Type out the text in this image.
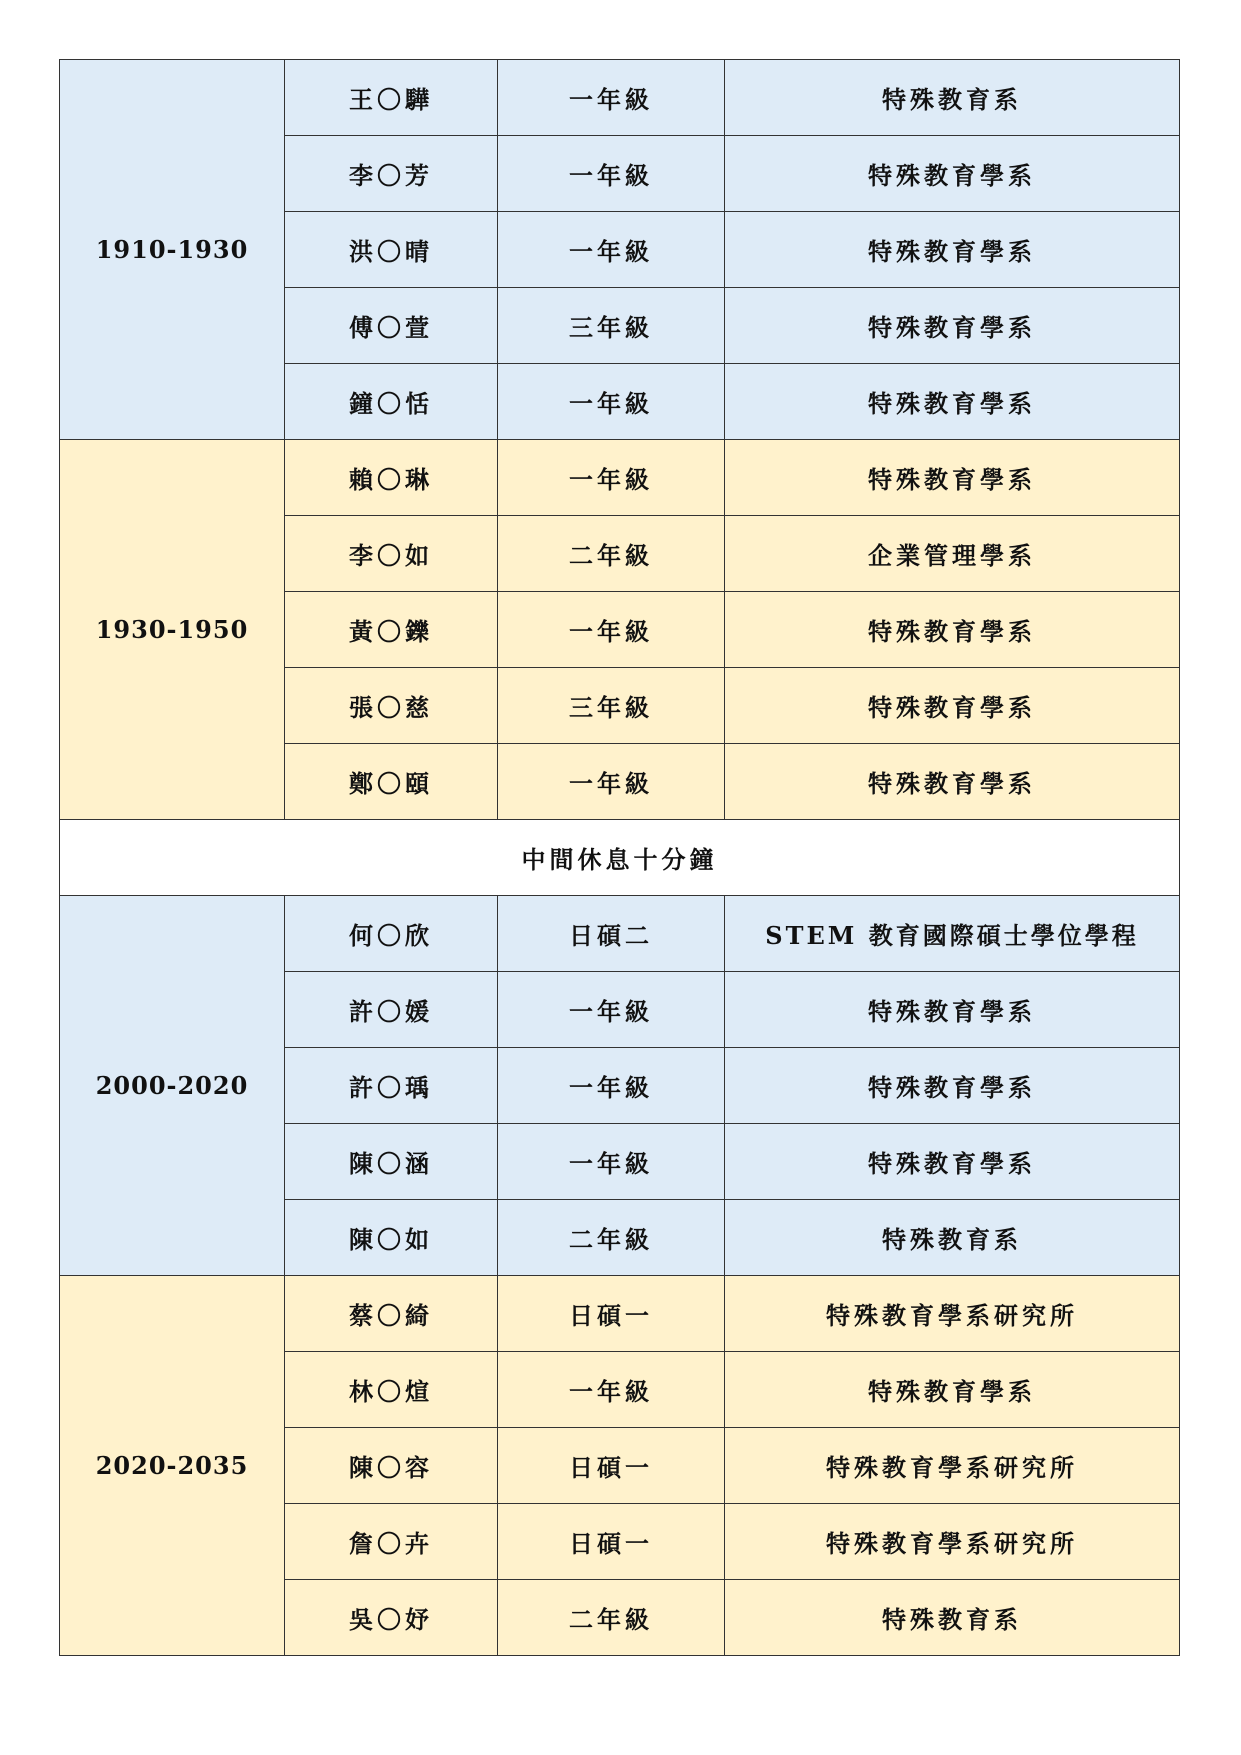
1910-1930	王〇驊	一年級	特殊教育系
	李〇芳	一年級	特殊教育學系
	洪〇晴	一年級	特殊教育學系
	傅〇萱	三年級	特殊教育學系
	鐘〇恬	一年級	特殊教育學系
1930-1950	賴〇琳	一年級	特殊教育學系
	李〇如	二年級	企業管理學系
	黃〇鑠	一年級	特殊教育學系
	張〇慈	三年級	特殊教育學系
	鄭〇頤	一年級	特殊教育學系
中間休息十分鐘			
2000-2020	何〇欣	日碩二	STEM 教育國際碩士學位學程
	許〇媛	一年級	特殊教育學系
	許〇瑀	一年級	特殊教育學系
	陳〇涵	一年級	特殊教育學系
	陳〇如	二年級	特殊教育系
2020-2035	蔡〇綺	日碩一	特殊教育學系研究所
	林〇煊	一年級	特殊教育學系
	陳〇容	日碩一	特殊教育學系研究所
	詹〇卉	日碩一	特殊教育學系研究所
	吳〇妤	二年級	特殊教育系
